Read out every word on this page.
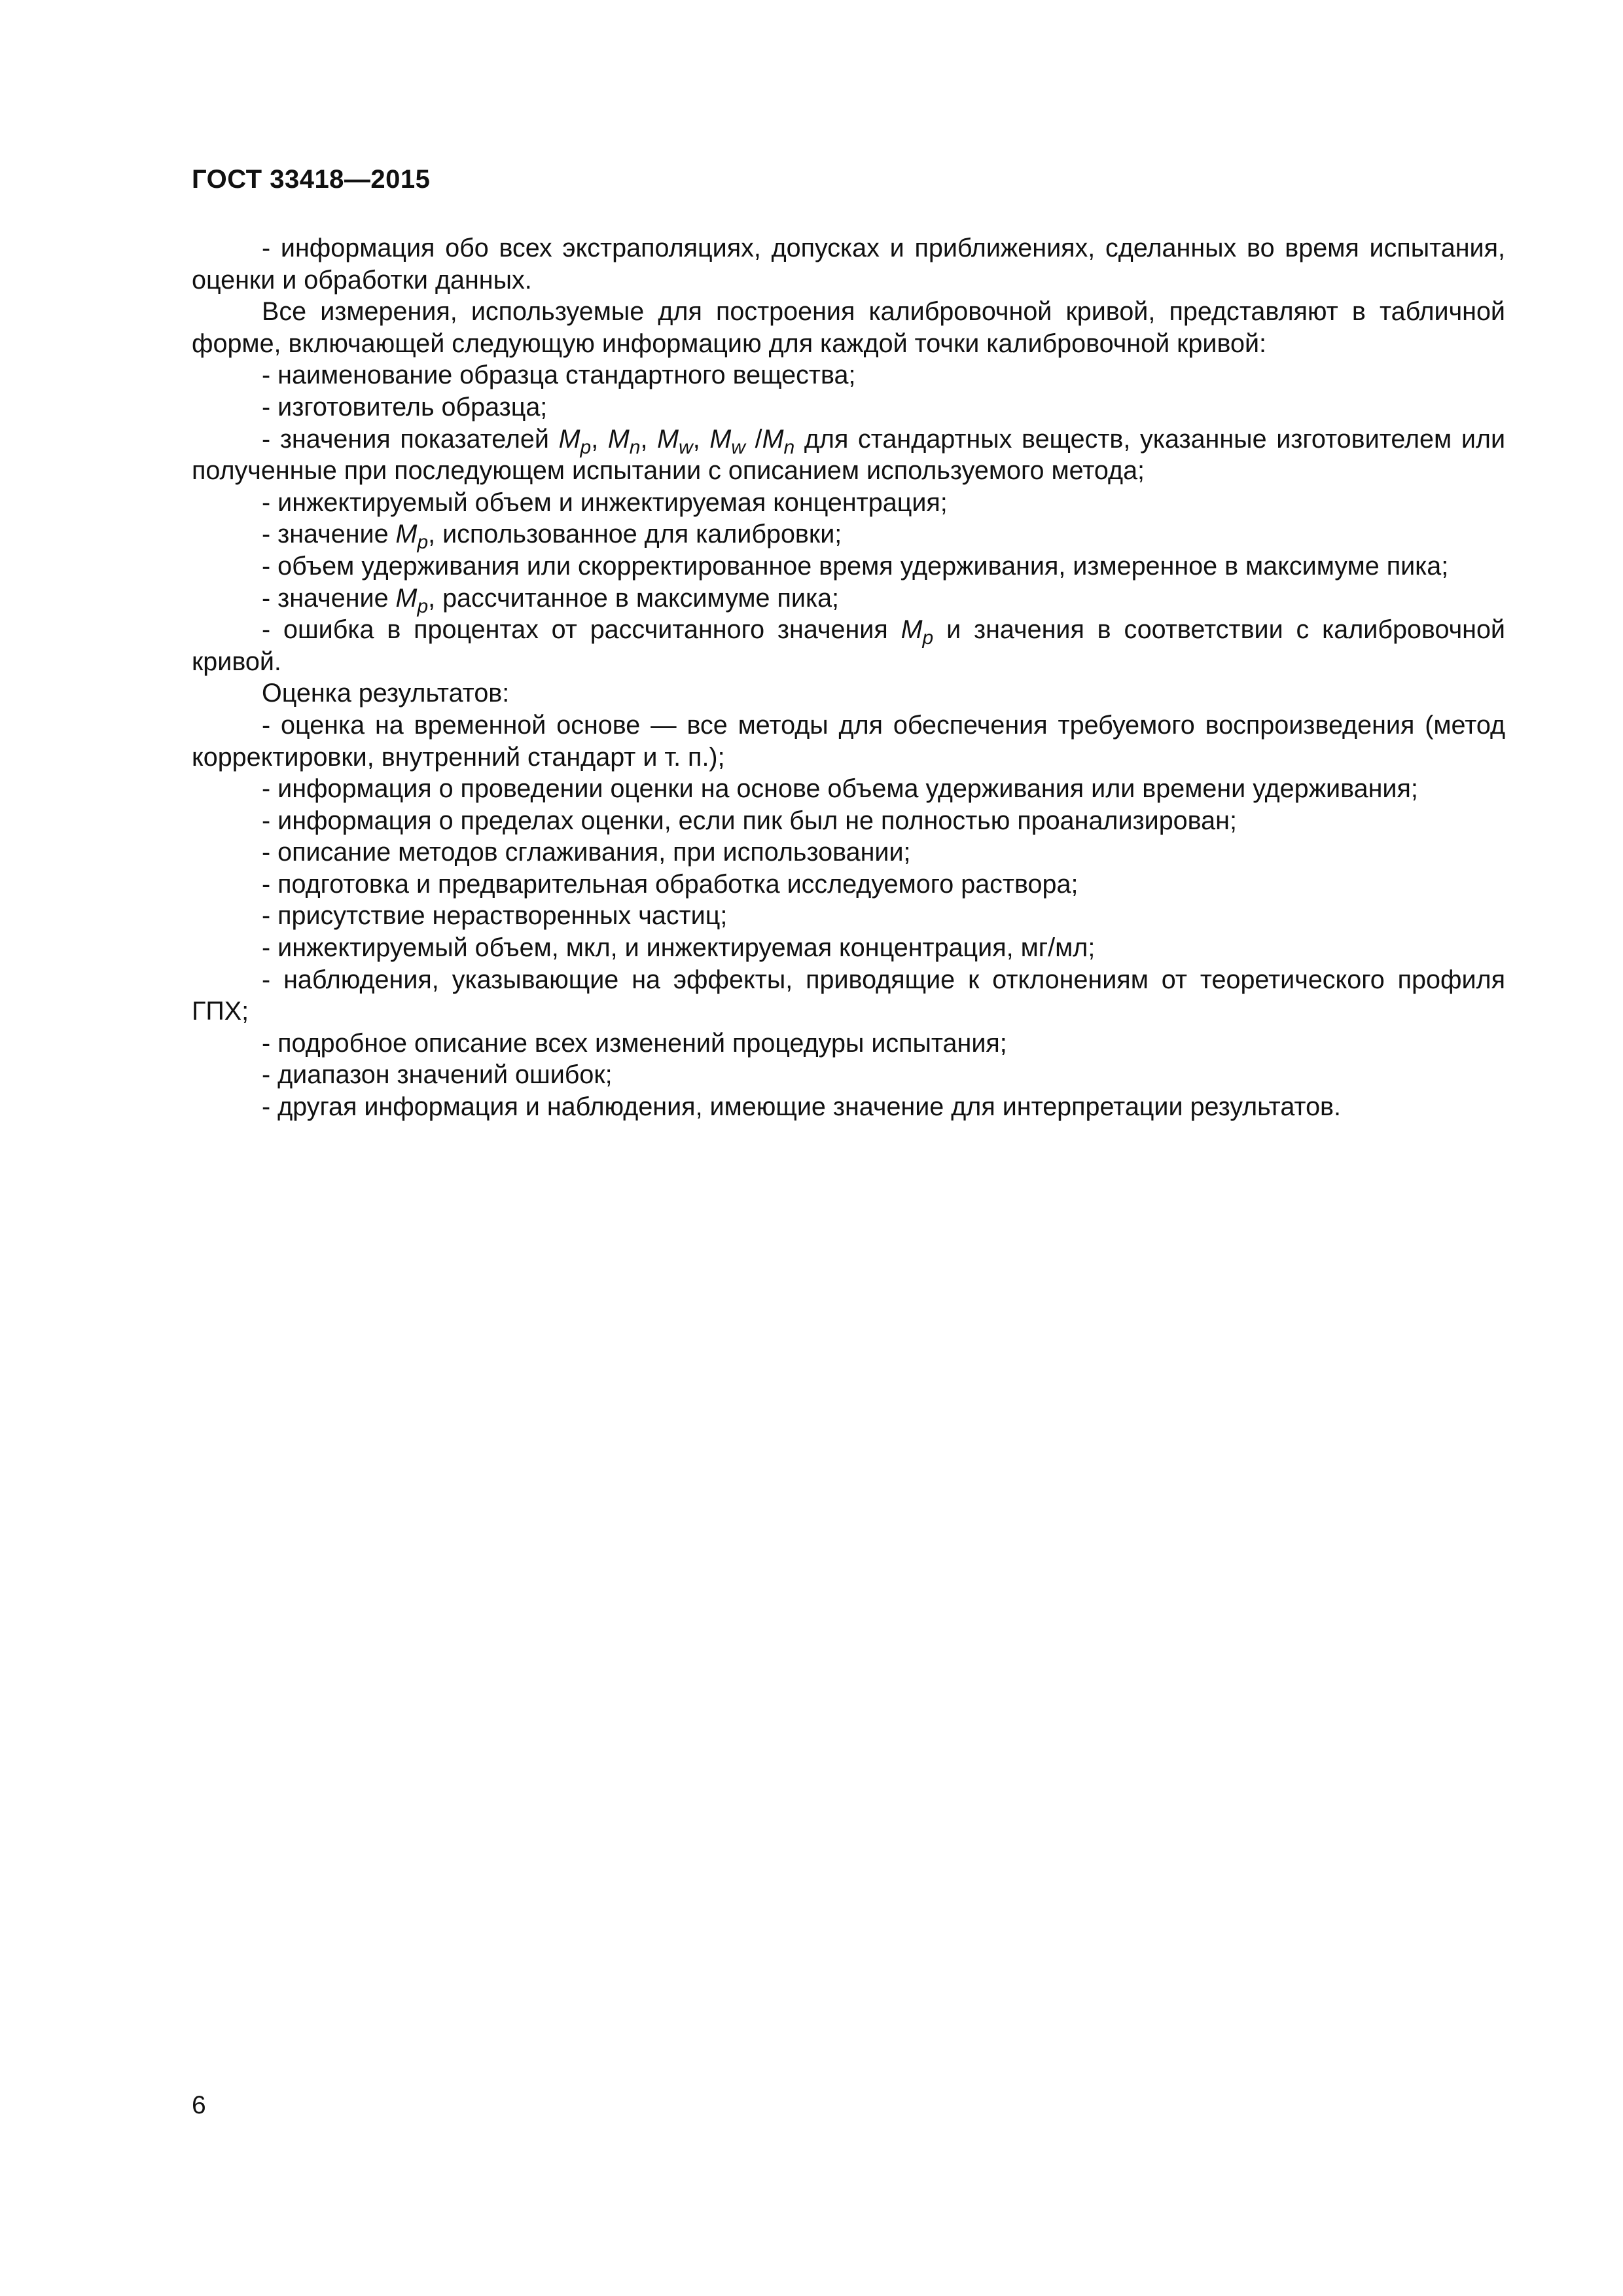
ГОСТ 33418—2015

- информация обо всех экстраполяциях, допусках и приближениях, сделанных во время испытания, оценки и обработки данных.

Все измерения, используемые для построения калибровочной кривой, представляют в табличной форме, включающей следующую информацию для каждой точки калибровочной кривой:

- наименование образца стандартного вещества;

- изготовитель образца;

- значения показателей $M_p$, $M_n$, $M_w$, $M_w$ $/M_n$ для стандартных веществ, указанные изготовителем или полученные при последующем испытании с описанием используемого метода;

- инжектируемый объем и инжектируемая концентрация;

- значение $M_p$, использованное для калибровки;

- объем удерживания или скорректированное время удерживания, измеренное в максимуме пика;

- значение $M_p$, рассчитанное в максимуме пика;

- ошибка в процентах от рассчитанного значения $M_p$ и значения в соответствии с калибровочной кривой.

Оценка результатов:

- оценка на временной основе — все методы для обеспечения требуемого воспроизведения (метод корректировки, внутренний стандарт и т. п.);

- информация о проведении оценки на основе объема удерживания или времени удерживания;

- информация о пределах оценки, если пик был не полностью проанализирован;

- описание методов сглаживания, при использовании;

- подготовка и предварительная обработка исследуемого раствора;

- присутствие нерастворенных частиц;

- инжектируемый объем, мкл, и инжектируемая концентрация, мг/мл;

- наблюдения, указывающие на эффекты, приводящие к отклонениям от теоретического профиля ГПХ;

- подробное описание всех изменений процедуры испытания;

- диапазон значений ошибок;

- другая информация и наблюдения, имеющие значение для интерпретации результатов.

6
